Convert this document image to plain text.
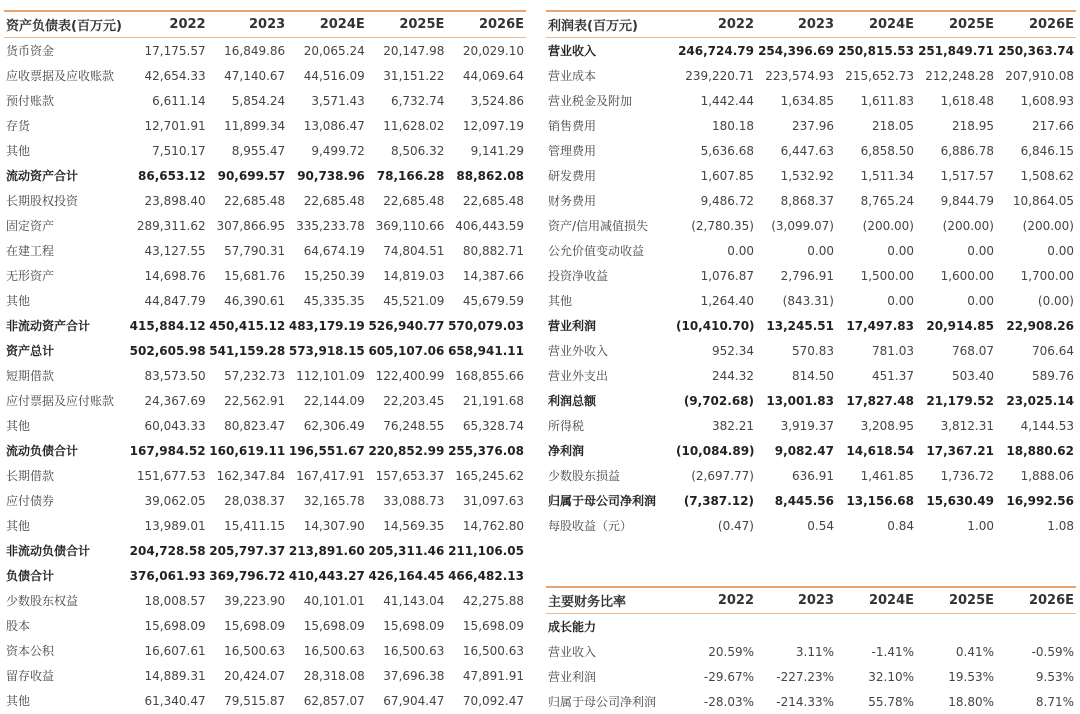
资产负债表(百万元)	2022	2023	2024E	2025E	2026E
货币资金	17,175.57	16,849.86	20,065.24	20,147.98	20,029.10
应收票据及应收账款	42,654.33	47,140.67	44,516.09	31,151.22	44,069.64
预付账款	6,611.14	5,854.24	3,571.43	6,732.74	3,524.86
存货	12,701.91	11,899.34	13,086.47	11,628.02	12,097.19
其他	7,510.17	8,955.47	9,499.72	8,506.32	9,141.29
流动资产合计	86,653.12	90,699.57	90,738.96	78,166.28	88,862.08
长期股权投资	23,898.40	22,685.48	22,685.48	22,685.48	22,685.48
固定资产	289,311.62	307,866.95	335,233.78	369,110.66	406,443.59
在建工程	43,127.55	57,790.31	64,674.19	74,804.51	80,882.71
无形资产	14,698.76	15,681.76	15,250.39	14,819.03	14,387.66
其他	44,847.79	46,390.61	45,335.35	45,521.09	45,679.59
非流动资产合计	415,884.12	450,415.12	483,179.19	526,940.77	570,079.03
资产总计	502,605.98	541,159.28	573,918.15	605,107.06	658,941.11
短期借款	83,573.50	57,232.73	112,101.09	122,400.99	168,855.66
应付票据及应付账款	24,367.69	22,562.91	22,144.09	22,203.45	21,191.68
其他	60,043.33	80,823.47	62,306.49	76,248.55	65,328.74
流动负债合计	167,984.52	160,619.11	196,551.67	220,852.99	255,376.08
长期借款	151,677.53	162,347.84	167,417.91	157,653.37	165,245.62
应付债券	39,062.05	28,038.37	32,165.78	33,088.73	31,097.63
其他	13,989.01	15,411.15	14,307.90	14,569.35	14,762.80
非流动负债合计	204,728.58	205,797.37	213,891.60	205,311.46	211,106.05
负债合计	376,061.93	369,796.72	410,443.27	426,164.45	466,482.13
少数股东权益	18,008.57	39,223.90	40,101.01	41,143.04	42,275.88
股本	15,698.09	15,698.09	15,698.09	15,698.09	15,698.09
资本公积	16,607.61	16,500.63	16,500.63	16,500.63	16,500.63
留存收益	14,889.31	20,424.07	28,318.08	37,696.38	47,891.91
其他	61,340.47	79,515.87	62,857.07	67,904.47	70,092.47
利润表(百万元)	2022	2023	2024E	2025E	2026E
营业收入	246,724.79	254,396.69	250,815.53	251,849.71	250,363.74
营业成本	239,220.71	223,574.93	215,652.73	212,248.28	207,910.08
营业税金及附加	1,442.44	1,634.85	1,611.83	1,618.48	1,608.93
销售费用	180.18	237.96	218.05	218.95	217.66
管理费用	5,636.68	6,447.63	6,858.50	6,886.78	6,846.15
研发费用	1,607.85	1,532.92	1,511.34	1,517.57	1,508.62
财务费用	9,486.72	8,868.37	8,765.24	9,844.79	10,864.05
资产/信用减值损失	(2,780.35)	(3,099.07)	(200.00)	(200.00)	(200.00)
公允价值变动收益	0.00	0.00	0.00	0.00	0.00
投资净收益	1,076.87	2,796.91	1,500.00	1,600.00	1,700.00
其他	1,264.40	(843.31)	0.00	0.00	(0.00)
营业利润	(10,410.70)	13,245.51	17,497.83	20,914.85	22,908.26
营业外收入	952.34	570.83	781.03	768.07	706.64
营业外支出	244.32	814.50	451.37	503.40	589.76
利润总额	(9,702.68)	13,001.83	17,827.48	21,179.52	23,025.14
所得税	382.21	3,919.37	3,208.95	3,812.31	4,144.53
净利润	(10,084.89)	9,082.47	14,618.54	17,367.21	18,880.62
少数股东损益	(2,697.77)	636.91	1,461.85	1,736.72	1,888.06
归属于母公司净利润	(7,387.12)	8,445.56	13,156.68	15,630.49	16,992.56
每股收益（元）	(0.47)	0.54	0.84	1.00	1.08
主要财务比率	2022	2023	2024E	2025E	2026E
成长能力					
营业收入	20.59%	3.11%	-1.41%	0.41%	-0.59%
营业利润	-29.67%	-227.23%	32.10%	19.53%	9.53%
归属于母公司净利润	-28.03%	-214.33%	55.78%	18.80%	8.71%
